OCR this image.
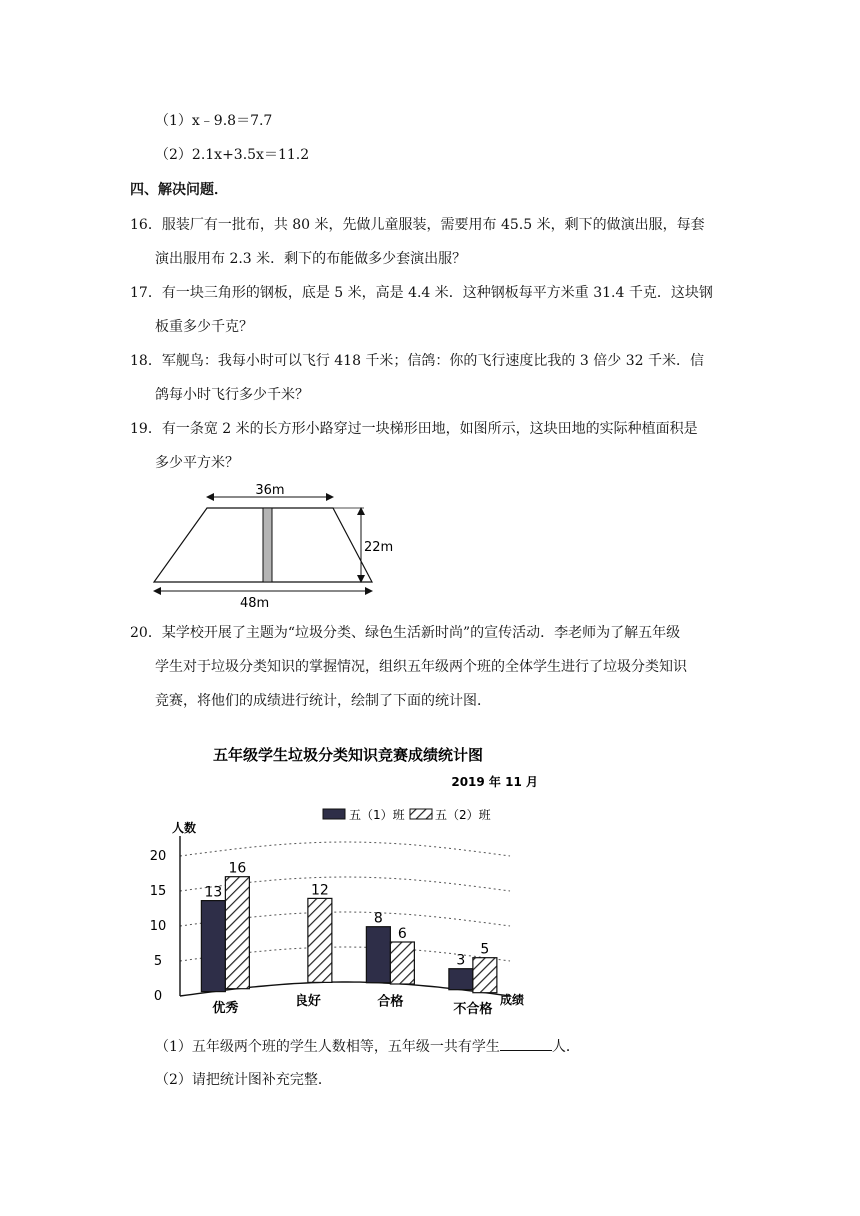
（1）x﹣9.8＝7.7
（2）2.1x+3.5x＝11.2
四、解决问题．
16．服装厂有一批布，共 80 米，先做儿童服装，需要用布 45.5 米，剩下的做演出服，每套
演出服用布 2.3 米．剩下的布能做多少套演出服？
17．有一块三角形的钢板，底是 5 米，高是 4.4 米．这种钢板每平方米重 31.4 千克．这块钢
板重多少千克？
18．军舰鸟：我每小时可以飞行 418 千米；信鸽：你的飞行速度比我的 3 倍少 32 千米．信
鸽每小时飞行多少千米？
19．有一条宽 2 米的长方形小路穿过一块梯形田地，如图所示，这块田地的实际种植面积是
多少平方米？
36m
22m
48m
20．某学校开展了主题为“垃圾分类、绿色生活新时尚”的宣传活动．李老师为了解五年级
学生对于垃圾分类知识的掌握情况，组织五年级两个班的全体学生进行了垃圾分类知识
竞赛，将他们的成绩进行统计，绘制了下面的统计图．
五年级学生垃圾分类知识竞赛成绩统计图
2019 年 11 月
五（1）班	五（2）班
人数
成绩
0
5
10
15
20
13
16
优秀
12
良好
8
6
合格
3
5
不合格
（1）五年级两个班的学生人数相等，五年级一共有学生	人．
（2）请把统计图补充完整．
